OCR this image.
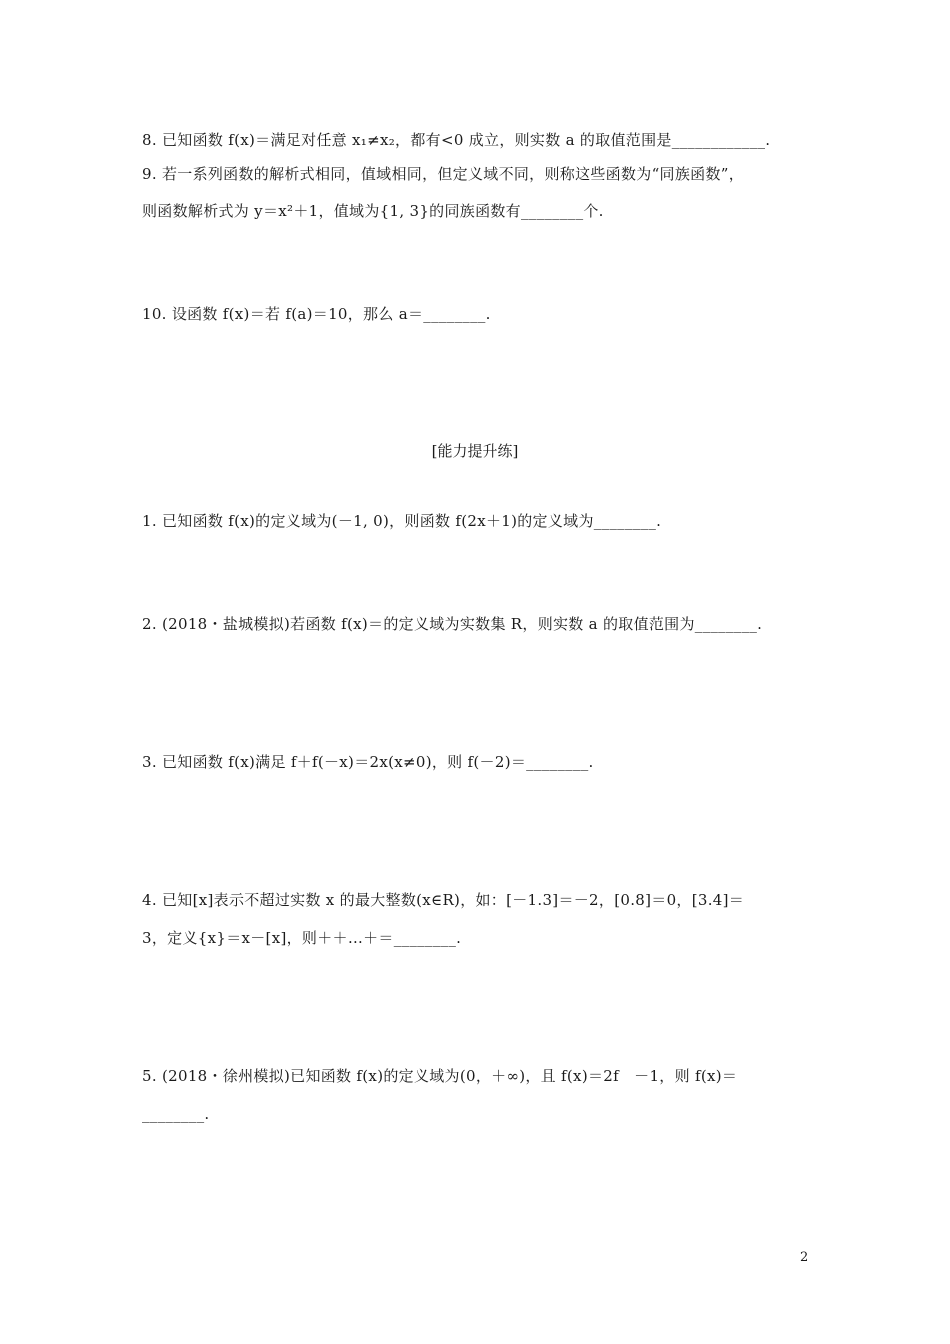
8. 已知函数 f(x)＝满足对任意 x₁≠x₂，都有<0 成立，则实数 a 的取值范围是____________.
9. 若一系列函数的解析式相同，值域相同，但定义域不同，则称这些函数为“同族函数”，
则函数解析式为 y＝x²＋1，值域为{1, 3}的同族函数有________个.
10. 设函数 f(x)＝若 f(a)＝10，那么 a＝________.
[能力提升练]
1. 已知函数 f(x)的定义域为(－1, 0)，则函数 f(2x＋1)的定义域为________.
2. (2018・盐城模拟)若函数 f(x)＝的定义域为实数集 R，则实数 a 的取值范围为________.
3. 已知函数 f(x)满足 f＋f(－x)＝2x(x≠0)，则 f(－2)＝________.
4. 已知[x]表示不超过实数 x 的最大整数(x∈R)，如：[－1.3]＝－2，[0.8]＝0，[3.4]＝
3，定义{x}＝x－[x]，则＋＋…＋＝________.
5. (2018・徐州模拟)已知函数 f(x)的定义域为(0，＋∞)，且 f(x)＝2f   －1，则 f(x)＝
________.
2
